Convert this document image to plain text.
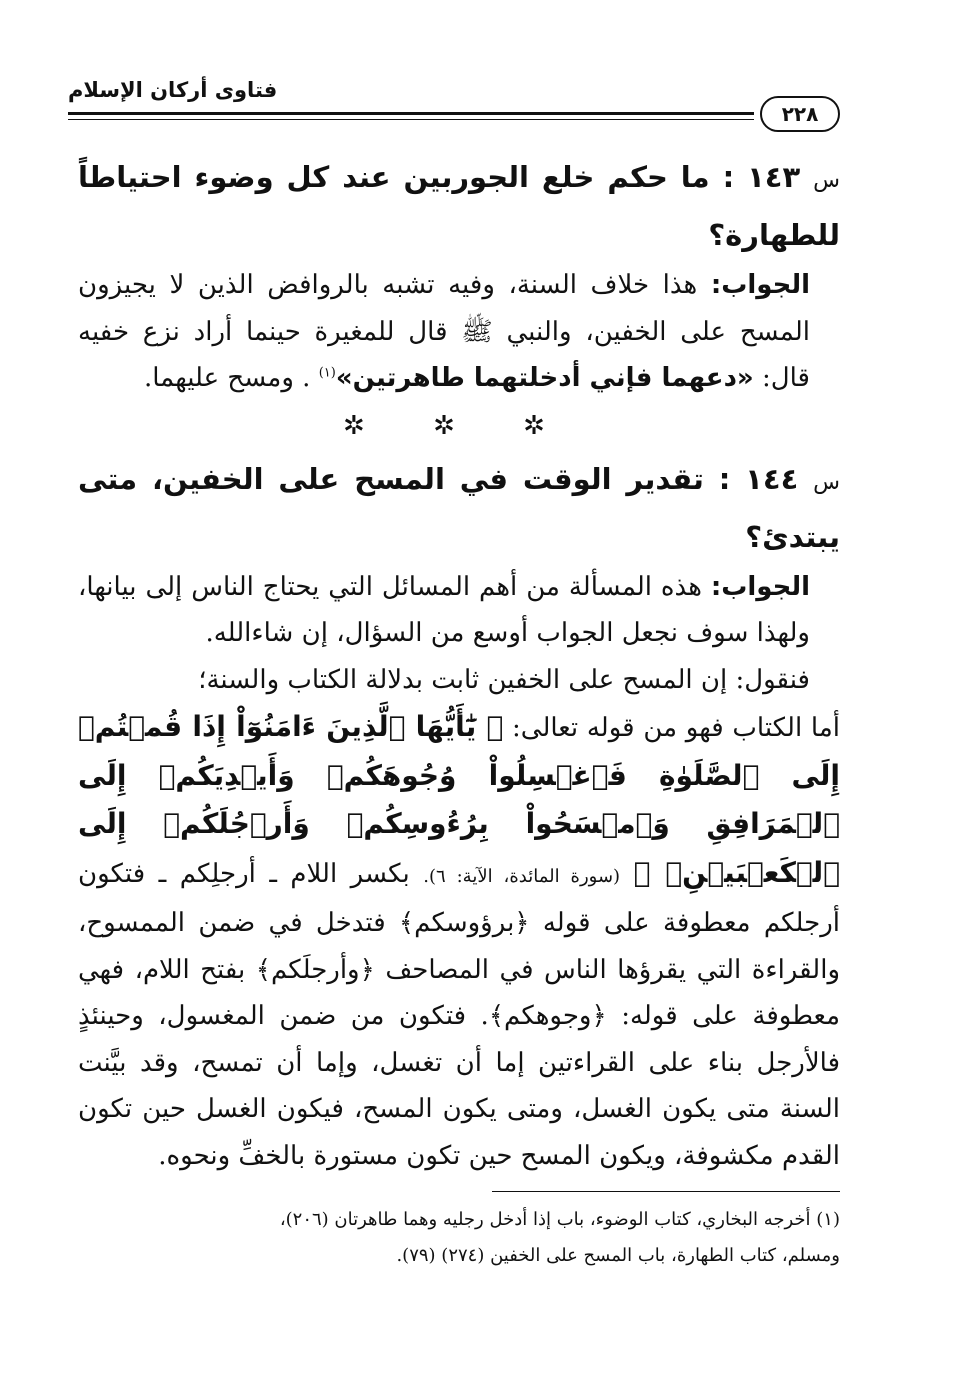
فتاوى أركان الإسلام
٢٢٨

س ١٤٣ : ما حكم خلع الجوربين عند كل وضوء احتياطاً للطهارة؟

الجواب: هذا خلاف السنة، وفيه تشبه بالروافض الذين لا يجيزون المسح على الخفين، والنبي ﷺ قال للمغيرة حينما أراد نزع خفيه قال: «دعهما فإني أدخلتهما طاهرتين»$^{(١)}$ . ومسح عليهما.

✲ ✲ ✲

س ١٤٤ : تقدير الوقت في المسح على الخفين، متى يبتدئ؟

الجواب: هذه المسألة من أهم المسائل التي يحتاج الناس إلى بيانها، ولهذا سوف نجعل الجواب أوسع من السؤال، إن شاءالله.

فنقول: إن المسح على الخفين ثابت بدلالة الكتاب والسنة؛

أما الكتاب فهو من قوله تعالى: ﴿ يَٰٓأَيُّهَا ٱلَّذِينَ ءَامَنُوٓاْ إِذَا قُمۡتُمۡ إِلَى ٱلصَّلَوٰةِ فَٱغۡسِلُواْ وُجُوهَكُمۡ وَأَيۡدِيَكُمۡ إِلَى ٱلۡمَرَافِقِ وَٱمۡسَحُواْ بِرُءُوسِكُمۡ وَأَرۡجُلَكُمۡ إِلَى ٱلۡكَعۡبَيۡنِۚ ﴾ (سورة المائدة، الآية: ٦). بكسر اللام ـ أرجلِكم ـ فتكون أرجلكم معطوفة على قوله ﴿برؤوسكم﴾ فتدخل في ضمن الممسوح، والقراءة التي يقرؤها الناس في المصاحف ﴿وأرجلَكم﴾ بفتح اللام، فهي معطوفة على قوله: ﴿وجوهكم﴾. فتكون من ضمن المغسول، وحينئذٍ فالأرجل بناء على القراءتين إما أن تغسل، وإما أن تمسح، وقد بيَّنت السنة متى يكون الغسل، ومتى يكون المسح، فيكون الغسل حين تكون القدم مكشوفة، ويكون المسح حين تكون مستورة بالخفِّ ونحوه.

(١) أخرجه البخاري، كتاب الوضوء، باب إذا أدخل رجليه وهما طاهرتان (٢٠٦)،

ومسلم، كتاب الطهارة، باب المسح على الخفين (٢٧٤) (٧٩).
